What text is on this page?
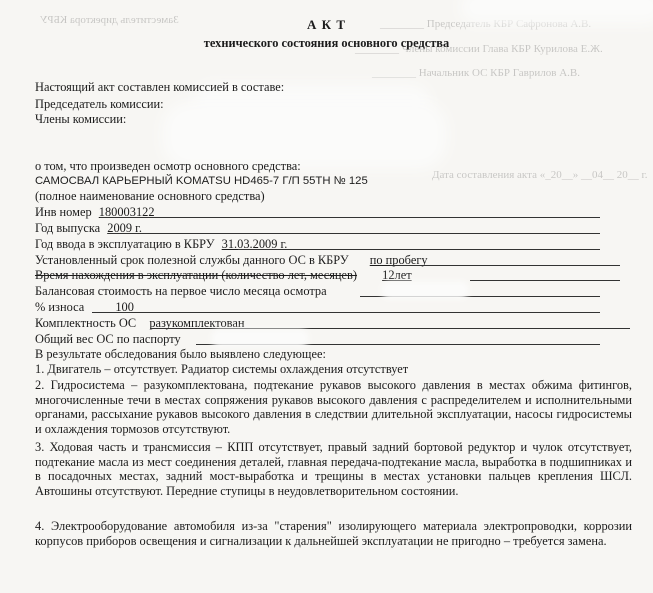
Заместитель директора КБРУ	________ Председатель КБР Сафронова А.В.
________ Члены комиссии Глава КБР Курилова Е.Ж.
________ Начальник ОС КБР Гаврилов А.В.
Дата составления акта «_20__» __04__ 20__ г.
А К Т
технического состояния основного средства
Настоящий акт составлен комиссией в составе:
Председатель комиссии:
Члены комиссии:
о том, что произведен осмотр основного средства:
САМОСВАЛ КАРЬЕРНЫЙ KOMATSU HD465-7 Г/П 55ТН № 125
(полное наименование основного средства)
Инв номер 180003122
Год выпуска 2009 г.
Год ввода в эксплуатацию в КБРУ 31.03.2009 г.
Установленный срок полезной службы данного ОС в КБРУ по пробегу
Время нахождения в эксплуатации (количество лет, месяцев) 12лет
Балансовая стоимость на первое число месяца осмотра
% износа	100
Комплектность ОС разукомплектован
Общий вес ОС по паспорту
В результате обследования было выявлено следующее:
1. Двигатель – отсутствует. Радиатор системы охлаждения отсутствует
2. Гидросистема – разукомплектована, подтекание рукавов высокого давления в местах обжима фитингов, многочисленные течи в местах сопряжения рукавов высокого давления с распределителем и исполнительными органами, рассыхание рукавов высокого давления в следствии длительной эксплуатации, насосы гидросистемы и охлаждения тормозов отсутствуют.
3. Ходовая часть и трансмиссия – КПП отсутствует, правый задний бортовой редуктор и чулок отсутствует, подтекание масла из мест соединения деталей, главная передача-подтекание масла, выработка в подшипниках и в посадочных местах, задний мост-выработка и трещины в местах установки пальцев крепления ШСЛ. Автошины отсутствуют. Передние ступицы в неудовлетворительном состоянии.
4. Электрооборудование автомобиля из-за "старения" изолирующего материала электропроводки, коррозии корпусов приборов освещения и сигнализации к дальнейшей эксплуатации не пригодно – требуется замена.
